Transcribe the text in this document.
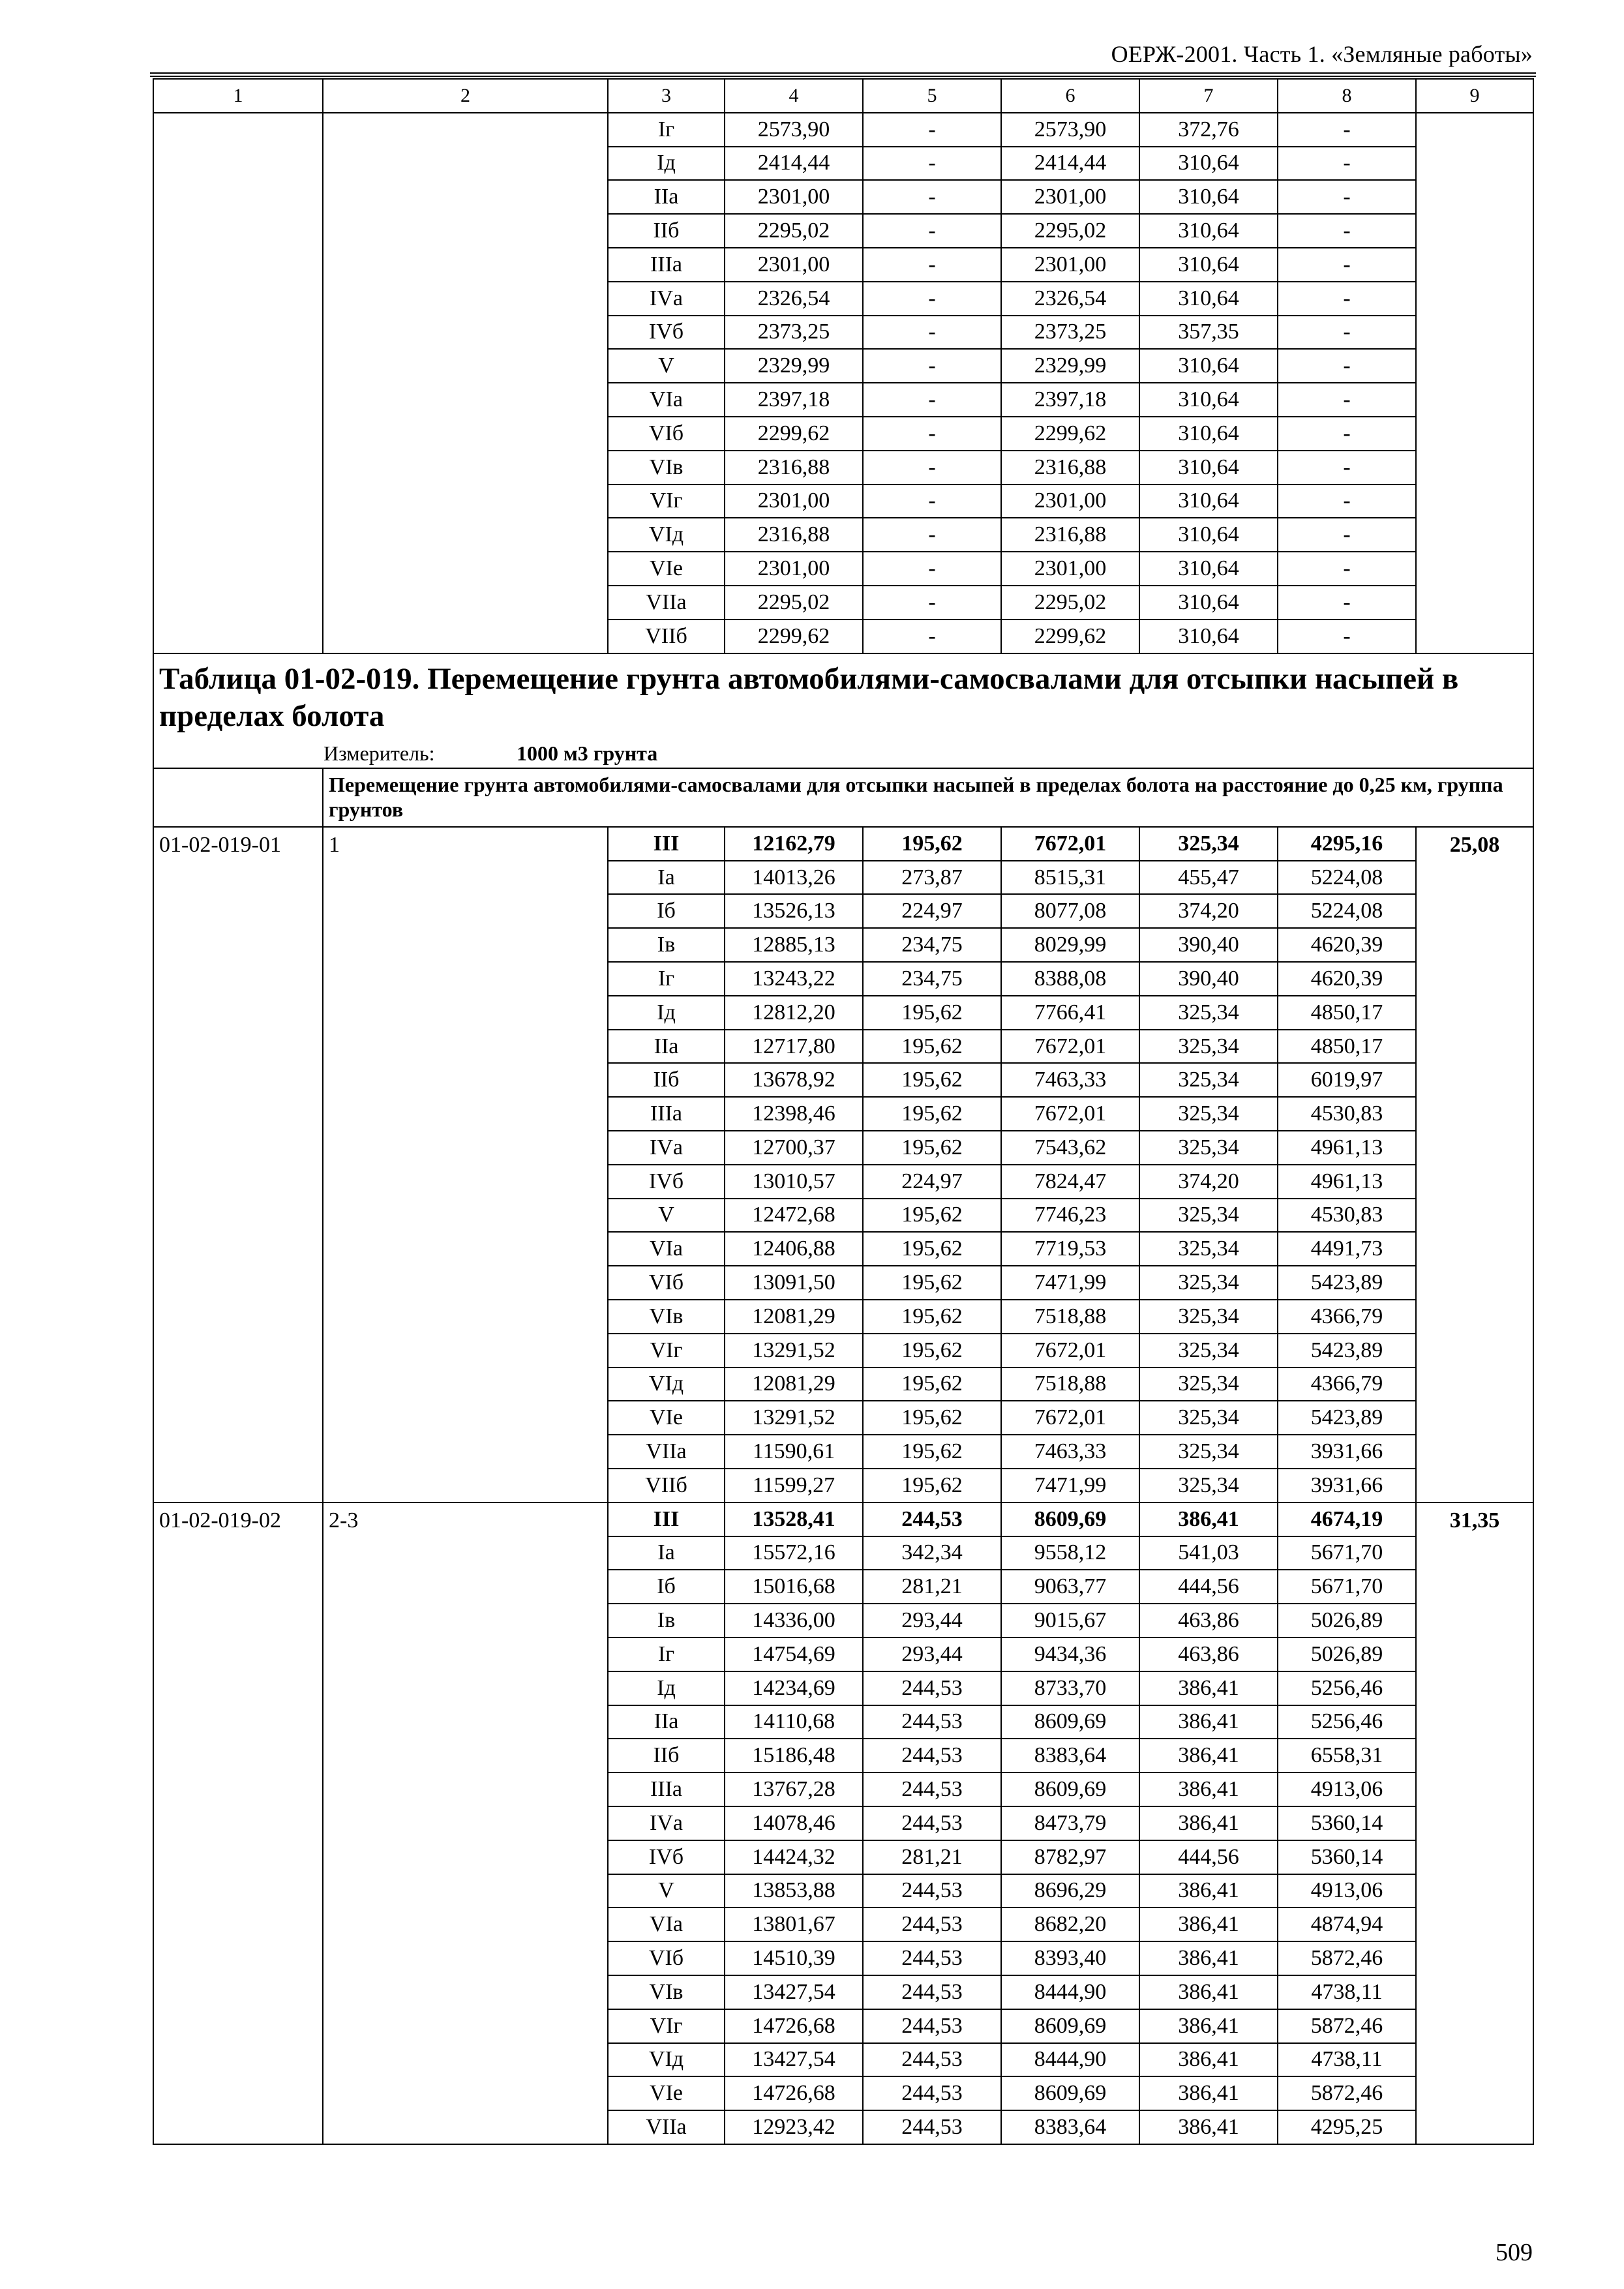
ОЕРЖ-2001. Часть 1. «Земляные работы»
1	2	3	4	5	6	7	8	9
		Iг	2573,90	-	2573,90	372,76	-	
		Iд	2414,44	-	2414,44	310,64	-	
		IIа	2301,00	-	2301,00	310,64	-	
		IIб	2295,02	-	2295,02	310,64	-	
		IIIа	2301,00	-	2301,00	310,64	-	
		IVа	2326,54	-	2326,54	310,64	-	
		IVб	2373,25	-	2373,25	357,35	-	
		V	2329,99	-	2329,99	310,64	-	
		VIа	2397,18	-	2397,18	310,64	-	
		VIб	2299,62	-	2299,62	310,64	-	
		VIв	2316,88	-	2316,88	310,64	-	
		VIг	2301,00	-	2301,00	310,64	-	
		VIд	2316,88	-	2316,88	310,64	-	
		VIе	2301,00	-	2301,00	310,64	-	
		VIIа	2295,02	-	2295,02	310,64	-	
		VIIб	2299,62	-	2299,62	310,64	-	

Таблица 01-02-019. Перемещение грунта автомобилями-самосвалами для отсыпки насыпей в пределах болота
Измеритель: 1000 м3 грунта								

	Перемещение грунта автомобилями-самосвалами для отсыпки насыпей в пределах болота на расстояние до 0,25 км, группа грунтов							
01-02-019-01	1	III	12162,79	195,62	7672,01	325,34	4295,16	25,08
		Iа	14013,26	273,87	8515,31	455,47	5224,08	
		Iб	13526,13	224,97	8077,08	374,20	5224,08	
		Iв	12885,13	234,75	8029,99	390,40	4620,39	
		Iг	13243,22	234,75	8388,08	390,40	4620,39	
		Iд	12812,20	195,62	7766,41	325,34	4850,17	
		IIа	12717,80	195,62	7672,01	325,34	4850,17	
		IIб	13678,92	195,62	7463,33	325,34	6019,97	
		IIIа	12398,46	195,62	7672,01	325,34	4530,83	
		IVа	12700,37	195,62	7543,62	325,34	4961,13	
		IVб	13010,57	224,97	7824,47	374,20	4961,13	
		V	12472,68	195,62	7746,23	325,34	4530,83	
		VIа	12406,88	195,62	7719,53	325,34	4491,73	
		VIб	13091,50	195,62	7471,99	325,34	5423,89	
		VIв	12081,29	195,62	7518,88	325,34	4366,79	
		VIг	13291,52	195,62	7672,01	325,34	5423,89	
		VIд	12081,29	195,62	7518,88	325,34	4366,79	
		VIе	13291,52	195,62	7672,01	325,34	5423,89	
		VIIа	11590,61	195,62	7463,33	325,34	3931,66	
		VIIб	11599,27	195,62	7471,99	325,34	3931,66	
01-02-019-02	2-3	III	13528,41	244,53	8609,69	386,41	4674,19	31,35
		Iа	15572,16	342,34	9558,12	541,03	5671,70	
		Iб	15016,68	281,21	9063,77	444,56	5671,70	
		Iв	14336,00	293,44	9015,67	463,86	5026,89	
		Iг	14754,69	293,44	9434,36	463,86	5026,89	
		Iд	14234,69	244,53	8733,70	386,41	5256,46	
		IIа	14110,68	244,53	8609,69	386,41	5256,46	
		IIб	15186,48	244,53	8383,64	386,41	6558,31	
		IIIа	13767,28	244,53	8609,69	386,41	4913,06	
		IVа	14078,46	244,53	8473,79	386,41	5360,14	
		IVб	14424,32	281,21	8782,97	444,56	5360,14	
		V	13853,88	244,53	8696,29	386,41	4913,06	
		VIа	13801,67	244,53	8682,20	386,41	4874,94	
		VIб	14510,39	244,53	8393,40	386,41	5872,46	
		VIв	13427,54	244,53	8444,90	386,41	4738,11	
		VIг	14726,68	244,53	8609,69	386,41	5872,46	
		VIд	13427,54	244,53	8444,90	386,41	4738,11	
		VIе	14726,68	244,53	8609,69	386,41	5872,46	
		VIIа	12923,42	244,53	8383,64	386,41	4295,25	
509
